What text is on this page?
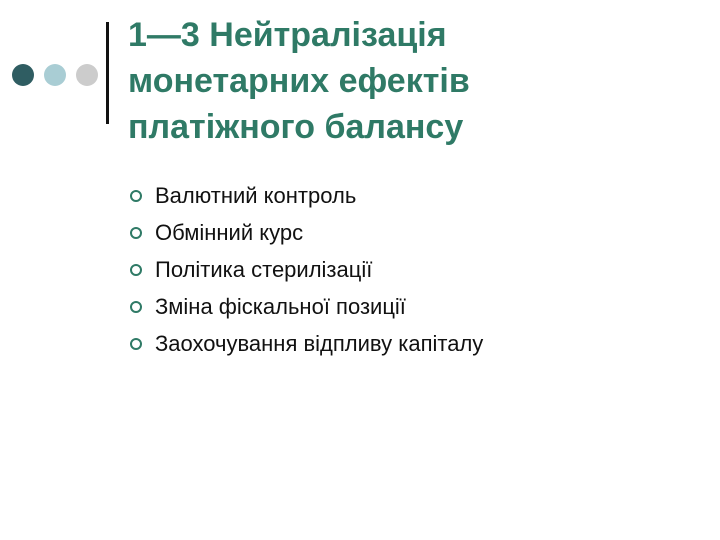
1—3 Нейтралізація
монетарних ефектів
платіжного балансу
Валютний контроль
Обмінний курс
Політика стерилізації
Зміна фіскальної позиції
Заохочування відпливу капіталу
